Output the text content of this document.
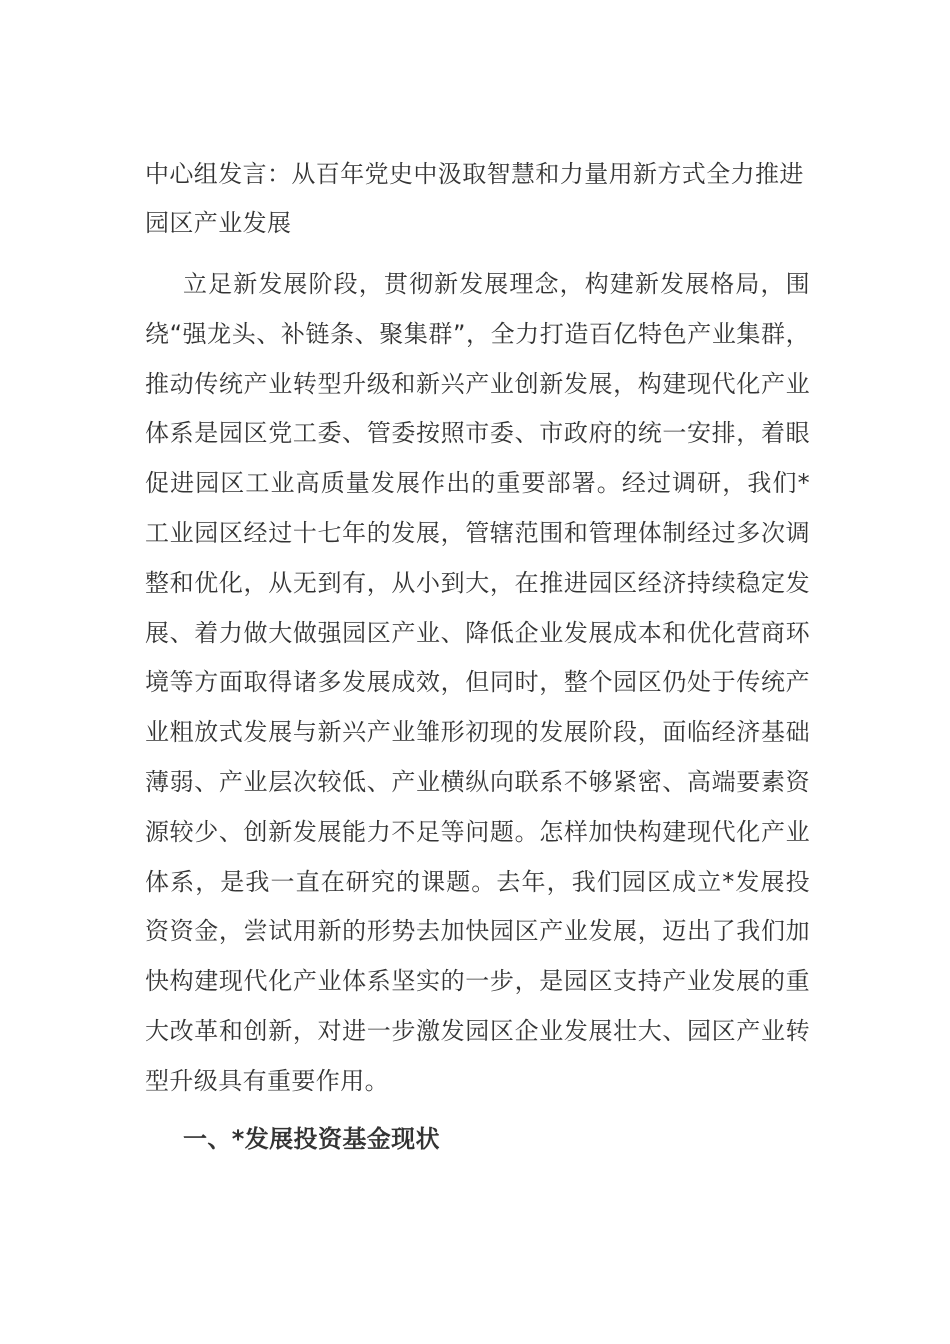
中心组发言：从百年党史中汲取智慧和力量用新方式全力推进园区产业发展

立足新发展阶段，贯彻新发展理念，构建新发展格局，围绕“强龙头、补链条、聚集群”，全力打造百亿特色产业集群，推动传统产业转型升级和新兴产业创新发展，构建现代化产业体系是园区党工委、管委按照市委、市政府的统一安排，着眼促进园区工业高质量发展作出的重要部署。经过调研，我们*工业园区经过十七年的发展，管辖范围和管理体制经过多次调整和优化，从无到有，从小到大，在推进园区经济持续稳定发展、着力做大做强园区产业、降低企业发展成本和优化营商环境等方面取得诸多发展成效，但同时，整个园区仍处于传统产业粗放式发展与新兴产业雏形初现的发展阶段，面临经济基础薄弱、产业层次较低、产业横纵向联系不够紧密、高端要素资源较少、创新发展能力不足等问题。怎样加快构建现代化产业体系，是我一直在研究的课题。去年，我们园区成立*发展投资资金，尝试用新的形势去加快园区产业发展，迈出了我们加快构建现代化产业体系坚实的一步，是园区支持产业发展的重大改革和创新，对进一步激发园区企业发展壮大、园区产业转型升级具有重要作用。

一、*发展投资基金现状
